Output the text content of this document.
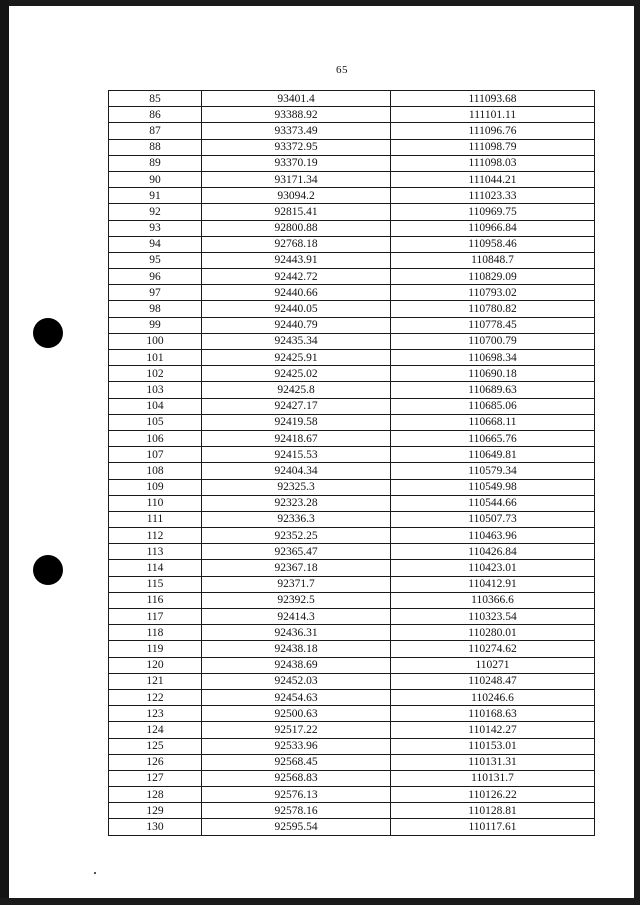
65
85	93401.4	111093.68
86	93388.92	111101.11
87	93373.49	111096.76
88	93372.95	111098.79
89	93370.19	111098.03
90	93171.34	111044.21
91	93094.2	111023.33
92	92815.41	110969.75
93	92800.88	110966.84
94	92768.18	110958.46
95	92443.91	110848.7
96	92442.72	110829.09
97	92440.66	110793.02
98	92440.05	110780.82
99	92440.79	110778.45
100	92435.34	110700.79
101	92425.91	110698.34
102	92425.02	110690.18
103	92425.8	110689.63
104	92427.17	110685.06
105	92419.58	110668.11
106	92418.67	110665.76
107	92415.53	110649.81
108	92404.34	110579.34
109	92325.3	110549.98
110	92323.28	110544.66
111	92336.3	110507.73
112	92352.25	110463.96
113	92365.47	110426.84
114	92367.18	110423.01
115	92371.7	110412.91
116	92392.5	110366.6
117	92414.3	110323.54
118	92436.31	110280.01
119	92438.18	110274.62
120	92438.69	110271
121	92452.03	110248.47
122	92454.63	110246.6
123	92500.63	110168.63
124	92517.22	110142.27
125	92533.96	110153.01
126	92568.45	110131.31
127	92568.83	110131.7
128	92576.13	110126.22
129	92578.16	110128.81
130	92595.54	110117.61
